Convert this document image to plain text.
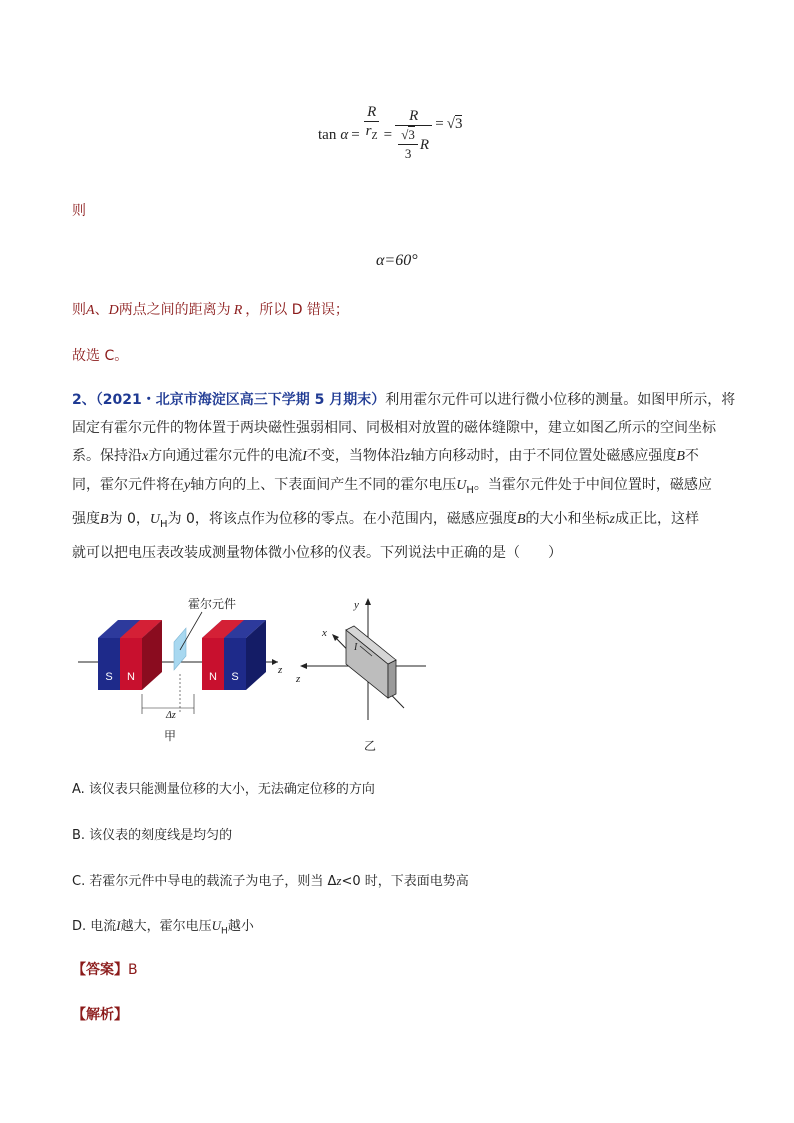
$\tan \alpha = \frac{R}{r_Z} = \frac{R}{\frac{√3}{3} R} = √3$
则
α=60°
则A、D两点之间的距离为 R ，所以 D 错误；
故选 C。
2、（2021・北京市海淀区高三下学期 5 月期末）利用霍尔元件可以进行微小位移的测量。如图甲所示，将
固定有霍尔元件的物体置于两块磁性强弱相同、同极相对放置的磁体缝隙中，建立如图乙所示的空间坐标
系。保持沿x方向通过霍尔元件的电流I不变，当物体沿z轴方向移动时，由于不同位置处磁感应强度B不
同，霍尔元件将在y轴方向的上、下表面间产生不同的霍尔电压$U_H$。当霍尔元件处于中间位置时，磁感应
强度B为 0，$U_H$为 0，将该点作为位移的零点。在小范围内，磁感应强度B的大小和坐标z成正比，这样
就可以把电压表改装成测量物体微小位移的仪表。下列说法中正确的是（　　）
S N
霍尔元件
N S
z
Δz
甲
y
z
x
I
乙
A. 该仪表只能测量位移的大小，无法确定位移的方向
B. 该仪表的刻度线是均匀的
C. 若霍尔元件中导电的载流子为电子，则当 Δz<0 时，下表面电势高
D. 电流I越大，霍尔电压$U_H$越小
【答案】B
【解析】
